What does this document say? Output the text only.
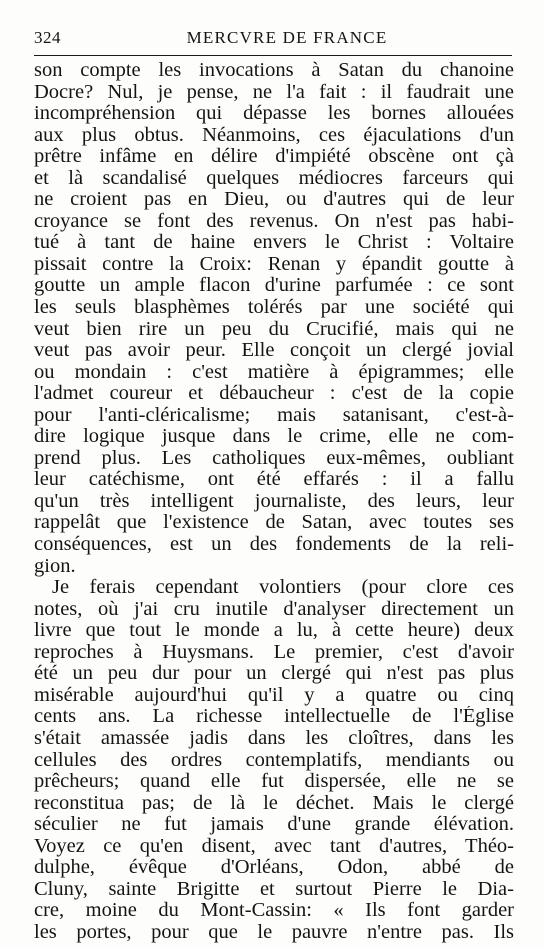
324	MERCVRE DE FRANCE
son compte les invocations à Satan du chanoine
Docre? Nul, je pense, ne l'a fait : il faudrait une
incompréhension qui dépasse les bornes allouées
aux plus obtus. Néanmoins, ces éjaculations d'un
prêtre infâme en délire d'impiété obscène ont çà
et là scandalisé quelques médiocres farceurs qui
ne croient pas en Dieu, ou d'autres qui de leur
croyance se font des revenus. On n'est pas habi-
tué à tant de haine envers le Christ : Voltaire
pissait contre la Croix: Renan y épandit goutte à
goutte un ample flacon d'urine parfumée : ce sont
les seuls blasphèmes tolérés par une société qui
veut bien rire un peu du Crucifié, mais qui ne
veut pas avoir peur. Elle conçoit un clergé jovial
ou mondain : c'est matière à épigrammes; elle
l'admet coureur et débaucheur : c'est de la copie
pour l'anti-cléricalisme; mais satanisant, c'est-à-
dire logique jusque dans le crime, elle ne com-
prend plus. Les catholiques eux-mêmes, oubliant
leur catéchisme, ont été effarés : il a fallu
qu'un très intelligent journaliste, des leurs, leur
rappelât que l'existence de Satan, avec toutes ses
conséquences, est un des fondements de la reli-
gion.
Je ferais cependant volontiers (pour clore ces
notes, où j'ai cru inutile d'analyser directement un
livre que tout le monde a lu, à cette heure) deux
reproches à Huysmans. Le premier, c'est d'avoir
été un peu dur pour un clergé qui n'est pas plus
misérable aujourd'hui qu'il y a quatre ou cinq
cents ans. La richesse intellectuelle de l'Église
s'était amassée jadis dans les cloîtres, dans les
cellules des ordres contemplatifs, mendiants ou
prêcheurs; quand elle fut dispersée, elle ne se
reconstitua pas; de là le déchet. Mais le clergé
séculier ne fut jamais d'une grande élévation.
Voyez ce qu'en disent, avec tant d'autres, Théo-
dulphe, évêque d'Orléans, Odon, abbé de
Cluny, sainte Brigitte et surtout Pierre le Dia-
cre, moine du Mont-Cassin: « Ils font garder
les portes, pour que le pauvre n'entre pas. Ils
